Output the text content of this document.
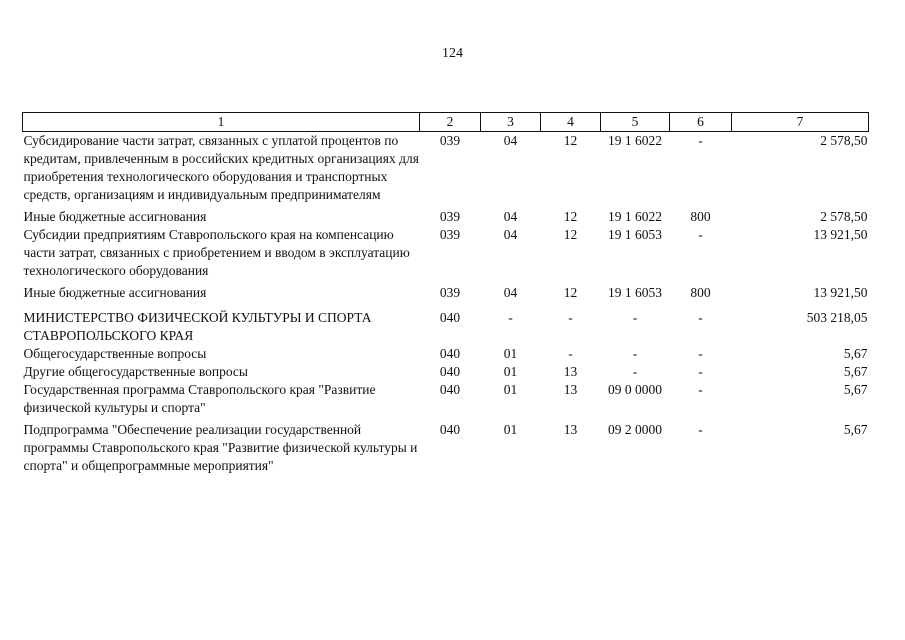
124
1	2	3	4	5	6	7
Субсидирование части затрат, связанных с уплатой процентов по кредитам, привлеченным в российских кредитных организациях для приобретения технологического оборудования и транспортных средств, организациям и индивидуальным предпринимателям	039	04	12	19 1 6022	-	2 578,50
Иные бюджетные ассигнования	039	04	12	19 1 6022	800	2 578,50
Субсидии предприятиям Ставропольского края на компенсацию части затрат, связанных с приобретением и вводом в эксплуатацию технологического оборудования	039	04	12	19 1 6053	-	13 921,50
Иные бюджетные ассигнования	039	04	12	19 1 6053	800	13 921,50
МИНИСТЕРСТВО ФИЗИЧЕСКОЙ КУЛЬТУРЫ И СПОРТА СТАВРОПОЛЬСКОГО КРАЯ	040	-	-	-	-	503 218,05
Общегосударственные вопросы	040	01	-	-	-	5,67
Другие общегосударственные вопросы	040	01	13	-	-	5,67
Государственная программа Ставропольского края "Развитие физической культуры и спорта"	040	01	13	09 0 0000	-	5,67
Подпрограмма "Обеспечение реализации государственной программы Ставропольского края "Развитие физической культуры и спорта" и общепрограммные мероприятия"	040	01	13	09 2 0000	-	5,67
